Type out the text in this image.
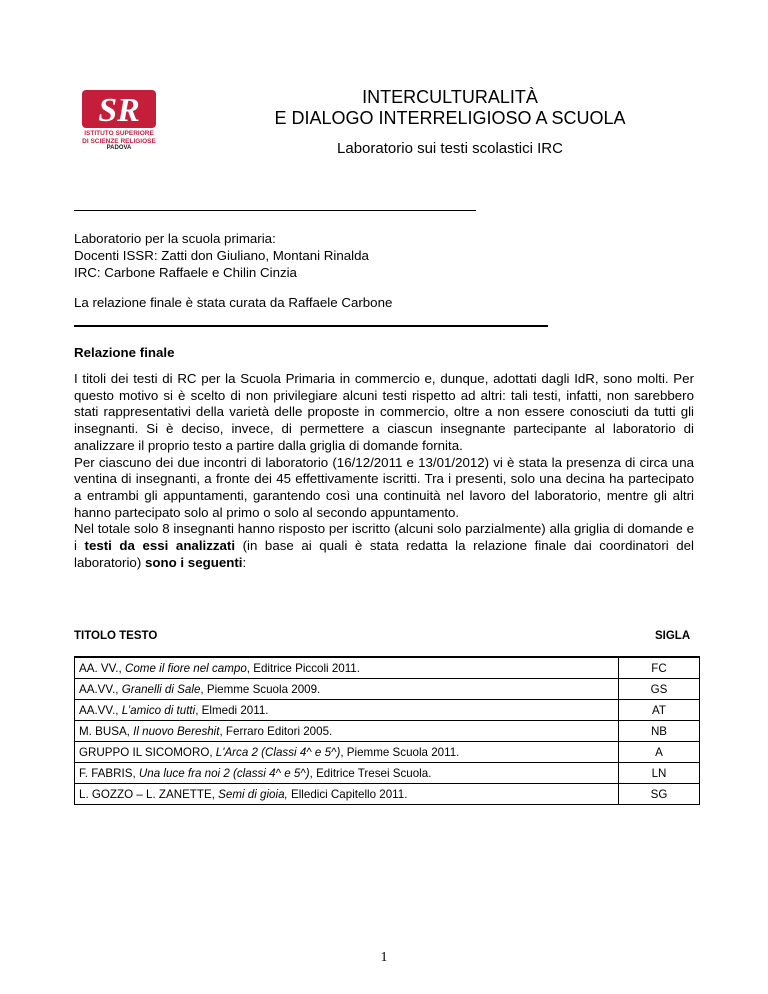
SR
ISTITUTO SUPERIORE
DI SCIENZE RELIGIOSE
PADOVA
INTERCULTURALITÀ
E DIALOGO INTERRELIGIOSO A SCUOLA
Laboratorio sui testi scolastici IRC
Laboratorio per la scuola primaria:
Docenti ISSR: Zatti don Giuliano, Montani Rinalda
IRC: Carbone Raffaele e Chilin Cinzia
La relazione finale è stata curata da Raffaele Carbone
Relazione finale

I titoli dei testi di RC per la Scuola Primaria in commercio e, dunque, adottati dagli IdR, sono molti. Per questo motivo si è scelto di non privilegiare alcuni testi rispetto ad altri: tali testi, infatti, non sarebbero stati rappresentativi della varietà delle proposte in commercio, oltre a non essere conosciuti da tutti gli insegnanti. Si è deciso, invece, di permettere a ciascun insegnante partecipante al laboratorio di analizzare il proprio testo a partire dalla griglia di domande fornita.

Per ciascuno dei due incontri di laboratorio (16/12/2011 e 13/01/2012) vi è stata la presenza di circa una ventina di insegnanti, a fronte dei 45 effettivamente iscritti. Tra i presenti, solo una decina ha partecipato a entrambi gli appuntamenti, garantendo così una continuità nel lavoro del laboratorio, mentre gli altri hanno partecipato solo al primo o solo al secondo appuntamento.

Nel totale solo 8 insegnanti hanno risposto per iscritto (alcuni solo parzialmente) alla griglia di domande e i testi da essi analizzati (in base ai quali è stata redatta la relazione finale dai coordinatori del laboratorio) sono i seguenti:

TITOLO TESTO	SIGLA
AA. VV., Come il fiore nel campo, Editrice Piccoli 2011.	FC
AA.VV., Granelli di Sale, Piemme Scuola 2009.	GS
AA.VV., L’amico di tutti, Elmedi 2011.	AT
M. BUSA, Il nuovo Bereshit, Ferraro Editori 2005.	NB
GRUPPO IL SICOMORO, L'Arca 2 (Classi 4^ e 5^), Piemme Scuola 2011.	A
F. FABRIS, Una luce fra noi 2 (classi 4^ e 5^), Editrice Tresei Scuola.	LN
L. GOZZO – L. ZANETTE, Semi di gioia, Elledici Capitello 2011.	SG
1
